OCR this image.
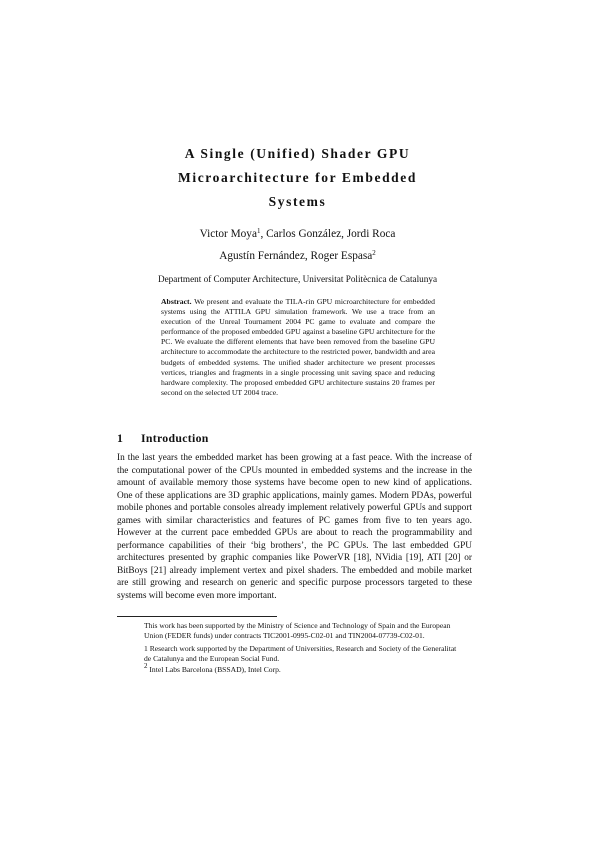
A Single (Unified) Shader GPU
Microarchitecture for Embedded
Systems
Victor Moya$^1$, Carlos González, Jordi Roca
Agustín Fernández, Roger Espasa$^2$
Department of Computer Architecture, Universitat Politècnica de Catalunya
Abstract. We present and evaluate the TILA-rin GPU microarchitecture for embedded systems using the ATTILA GPU simulation framework. We use a trace from an execution of the Unreal Tournament 2004 PC game to evaluate and compare the performance of the proposed embedded GPU against a baseline GPU architecture for the PC. We evaluate the different elements that have been removed from the baseline GPU architecture to accommodate the architecture to the restricted power, bandwidth and area budgets of embedded systems. The unified shader architecture we present processes vertices, triangles and fragments in a single processing unit saving space and reducing hardware complexity. The proposed embedded GPU architecture sustains 20 frames per second on the selected UT 2004 trace.
1 Introduction
In the last years the embedded market has been growing at a fast peace. With the increase of the computational power of the CPUs mounted in embedded systems and the increase in the amount of available memory those systems have become open to new kind of applications. One of these applications are 3D graphic applications, mainly games. Modern PDAs, powerful mobile phones and portable consoles already implement relatively powerful GPUs and support games with similar characteristics and features of PC games from five to ten years ago. However at the current pace embedded GPUs are about to reach the programmability and performance capabilities of their ‘big brothers’, the PC GPUs. The last embedded GPU architectures presented by graphic companies like PowerVR [18], NVidia [19], ATI [20] or BitBoys [21] already implement vertex and pixel shaders. The embedded and mobile market are still growing and research on generic and specific purpose processors targeted to these systems will become even more important.

This work has been supported by the Ministry of Science and Technology of Spain and the European Union (FEDER funds) under contracts TIC2001-0995-C02-01 and TIN2004-07739-C02-01.

1 Research work supported by the Department of Universities, Research and Society of the Generalitat de Catalunya and the European Social Fund.

$^2$ Intel Labs Barcelona (BSSAD), Intel Corp.
